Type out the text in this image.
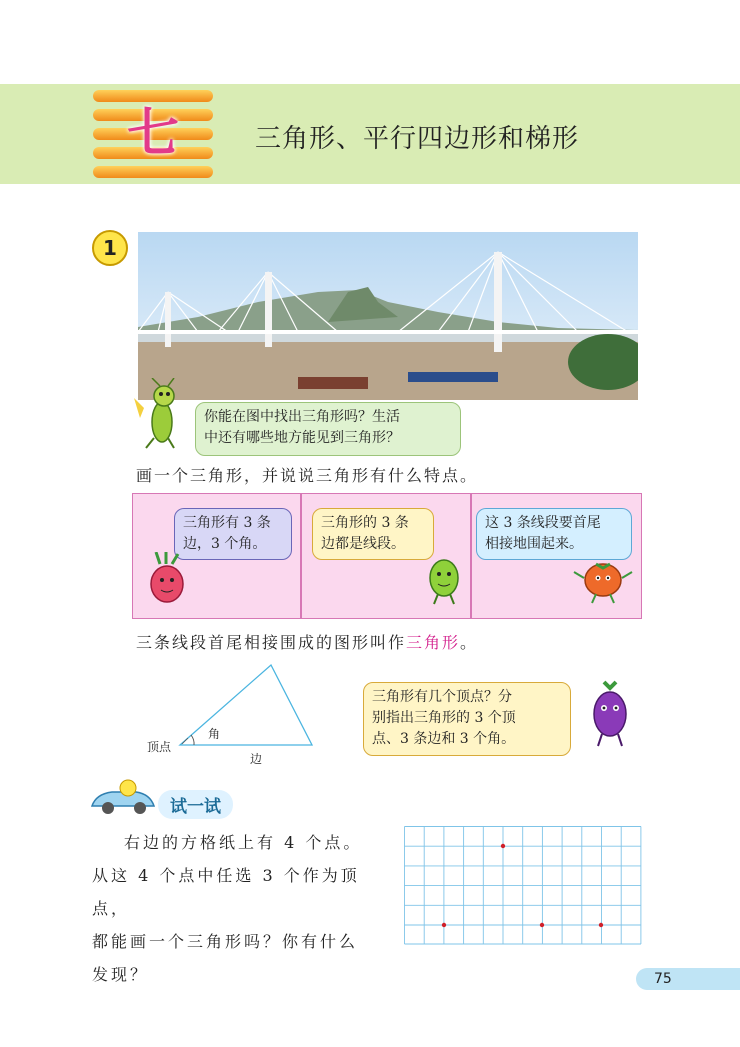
七	三角形、平行四边形和梯形
1
你能在图中找出三角形吗？生活
中还有哪些地方能见到三角形？
画一个三角形，并说说三角形有什么特点。
三角形有 3 条
边，3 个角。
三角形的 3 条
边都是线段。
这 3 条线段要首尾
相接地围起来。
三条线段首尾相接围成的图形叫作三角形。
顶点
角
边
三角形有几个顶点？分
别指出三角形的 3 个顶
点、3 条边和 3 个角。
试一试
右边的方格纸上有 4 个点。
从这 4 个点中任选 3 个作为顶点，
都能画一个三角形吗？你有什么
发现？	75
